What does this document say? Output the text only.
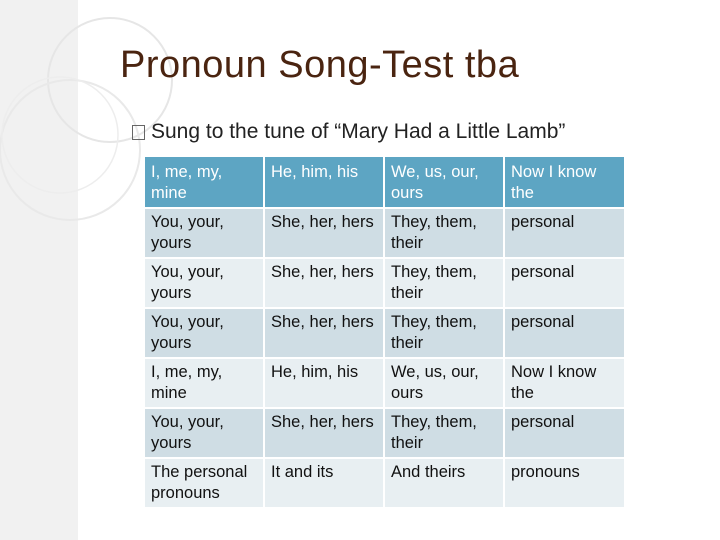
Pronoun Song-Test tba
Sung to the tune of “Mary Had a Little Lamb”
I, me, my, mine	He, him, his	We, us, our, ours	Now I know the
You, your, yours	She, her, hers	They, them, their	personal
You, your, yours	She, her, hers	They, them, their	personal
You, your, yours	She, her, hers	They, them, their	personal
I, me, my, mine	He, him, his	We, us, our, ours	Now I know the
You, your, yours	She, her, hers	They, them, their	personal
The personal pronouns	It and its	And theirs	pronouns
